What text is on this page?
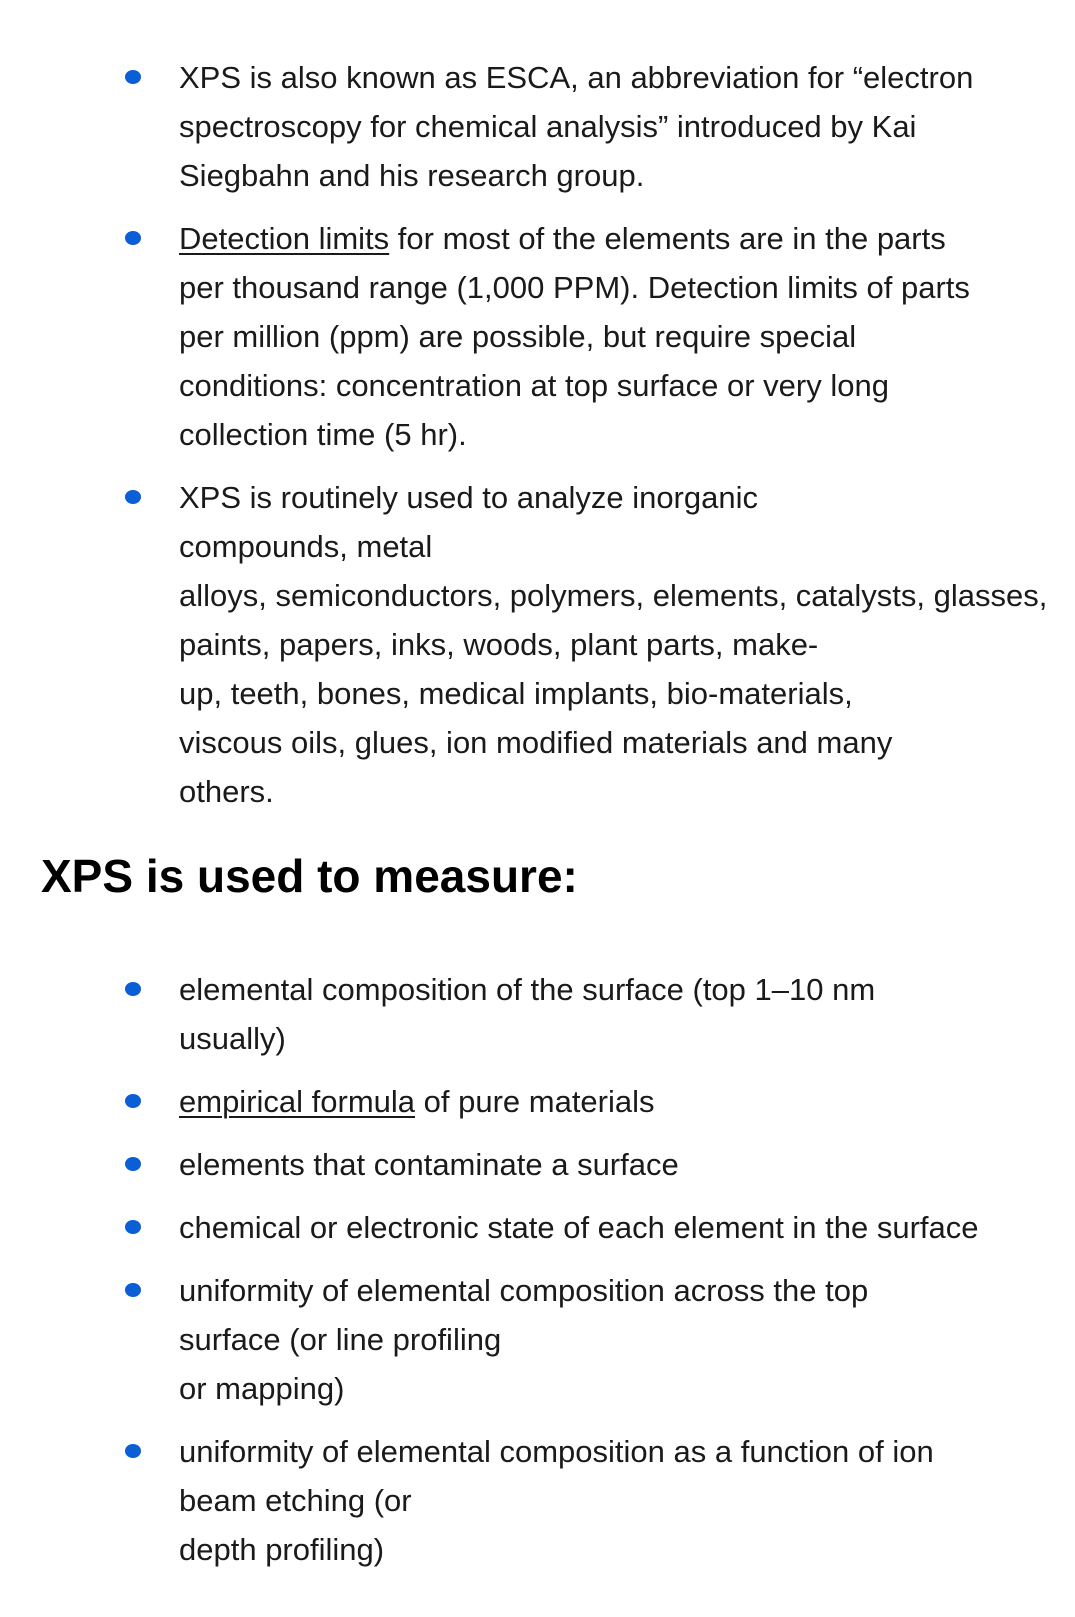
XPS is also known as ESCA, an abbreviation for “electron
spectroscopy for chemical analysis” introduced by Kai
Siegbahn and his research group.
Detection limits for most of the elements are in the parts
per thousand range (1,000 PPM). Detection limits of parts
per million (ppm) are possible, but require special
conditions: concentration at top surface or very long
collection time (5 hr).
XPS is routinely used to analyze inorganic
compounds, metal
alloys, semiconductors, polymers, elements, catalysts, glasses,
paints, papers, inks, woods, plant parts, make-
up, teeth, bones, medical implants, bio-materials,
viscous oils, glues, ion modified materials and many
others.
XPS is used to measure:
elemental composition of the surface (top 1–10 nm
usually)
empirical formula of pure materials
elements that contaminate a surface
chemical or electronic state of each element in the surface
uniformity of elemental composition across the top
surface (or line profiling
or mapping)
uniformity of elemental composition as a function of ion
beam etching (or
depth profiling)
